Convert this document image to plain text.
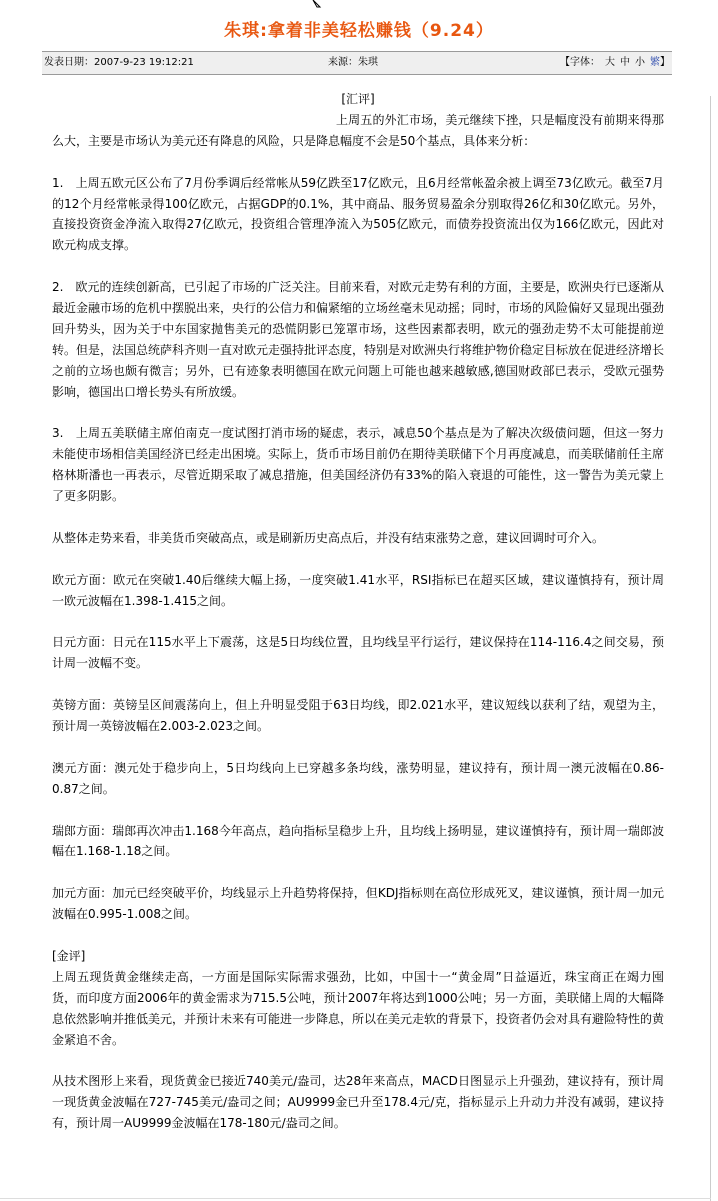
朱琪:拿着非美轻松赚钱（9.24）
发表日期：2007-9-23 19:12:21	来源：朱琪	【字体： 大 中 小 繁】

[汇评]

上周五的外汇市场，美元继续下挫，只是幅度没有前期来得那么大，主要是市场认为美元还有降息的风险，只是降息幅度不会是50个基点，具体来分析：

1.　上周五欧元区公布了7月份季调后经常帐从59亿跌至17亿欧元，且6月经常帐盈余被上调至73亿欧元。截至7月的12个月经常帐录得100亿欧元，占据GDP的0.1%，其中商品、服务贸易盈余分别取得26亿和30亿欧元。另外，直接投资资金净流入取得27亿欧元，投资组合管理净流入为505亿欧元，而债券投资流出仅为166亿欧元，因此对欧元构成支撑。

2.　欧元的连续创新高，已引起了市场的广泛关注。目前来看，对欧元走势有利的方面，主要是，欧洲央行已逐渐从最近金融市场的危机中摆脱出来，央行的公信力和偏紧缩的立场丝毫未见动摇；同时，市场的风险偏好又显现出强劲回升势头，因为关于中东国家抛售美元的恐慌阴影已笼罩市场，这些因素都表明，欧元的强劲走势不太可能提前逆转。但是，法国总统萨科齐则一直对欧元走强持批评态度，特别是对欧洲央行将维护物价稳定目标放在促进经济增长之前的立场也颇有微言；另外，已有迹象表明德国在欧元问题上可能也越来越敏感,德国财政部已表示，受欧元强势影响，德国出口增长势头有所放缓。

3.　上周五美联储主席伯南克一度试图打消市场的疑虑，表示，减息50个基点是为了解决次级债问题，但这一努力未能使市场相信美国经济已经走出困境。实际上，货币市场目前仍在期待美联储下个月再度减息，而美联储前任主席格林斯潘也一再表示，尽管近期采取了减息措施，但美国经济仍有33%的陷入衰退的可能性，这一警告为美元蒙上了更多阴影。

从整体走势来看，非美货币突破高点，或是刷新历史高点后，并没有结束涨势之意，建议回调时可介入。

欧元方面：欧元在突破1.40后继续大幅上扬，一度突破1.41水平，RSI指标已在超买区域，建议谨慎持有，预计周一欧元波幅在1.398-1.415之间。

日元方面：日元在115水平上下震荡，这是5日均线位置，且均线呈平行运行，建议保持在114-116.4之间交易，预计周一波幅不变。

英镑方面：英镑呈区间震荡向上，但上升明显受阻于63日均线，即2.021水平，建议短线以获利了结，观望为主，预计周一英镑波幅在2.003-2.023之间。

澳元方面：澳元处于稳步向上，5日均线向上已穿越多条均线，涨势明显，建议持有，预计周一澳元波幅在0.86-0.87之间。

瑞郎方面：瑞郎再次冲击1.168今年高点，趋向指标呈稳步上升，且均线上扬明显，建议谨慎持有，预计周一瑞郎波幅在1.168-1.18之间。

加元方面：加元已经突破平价，均线显示上升趋势将保持，但KDJ指标则在高位形成死叉，建议谨慎，预计周一加元波幅在0.995-1.008之间。

[金评]

上周五现货黄金继续走高，一方面是国际实际需求强劲，比如，中国十一“黄金周”日益逼近，珠宝商正在竭力囤货，而印度方面2006年的黄金需求为715.5公吨，预计2007年将达到1000公吨；另一方面，美联储上周的大幅降息依然影响并推低美元，并预计未来有可能进一步降息，所以在美元走软的背景下，投资者仍会对具有避险特性的黄金紧追不舍。

从技术图形上来看，现货黄金已接近740美元/盎司，达28年来高点，MACD日图显示上升强劲，建议持有，预计周一现货黄金波幅在727-745美元/盎司之间；AU9999金已升至178.4元/克，指标显示上升动力并没有减弱，建议持有，预计周一AU9999金波幅在178-180元/盎司之间。
